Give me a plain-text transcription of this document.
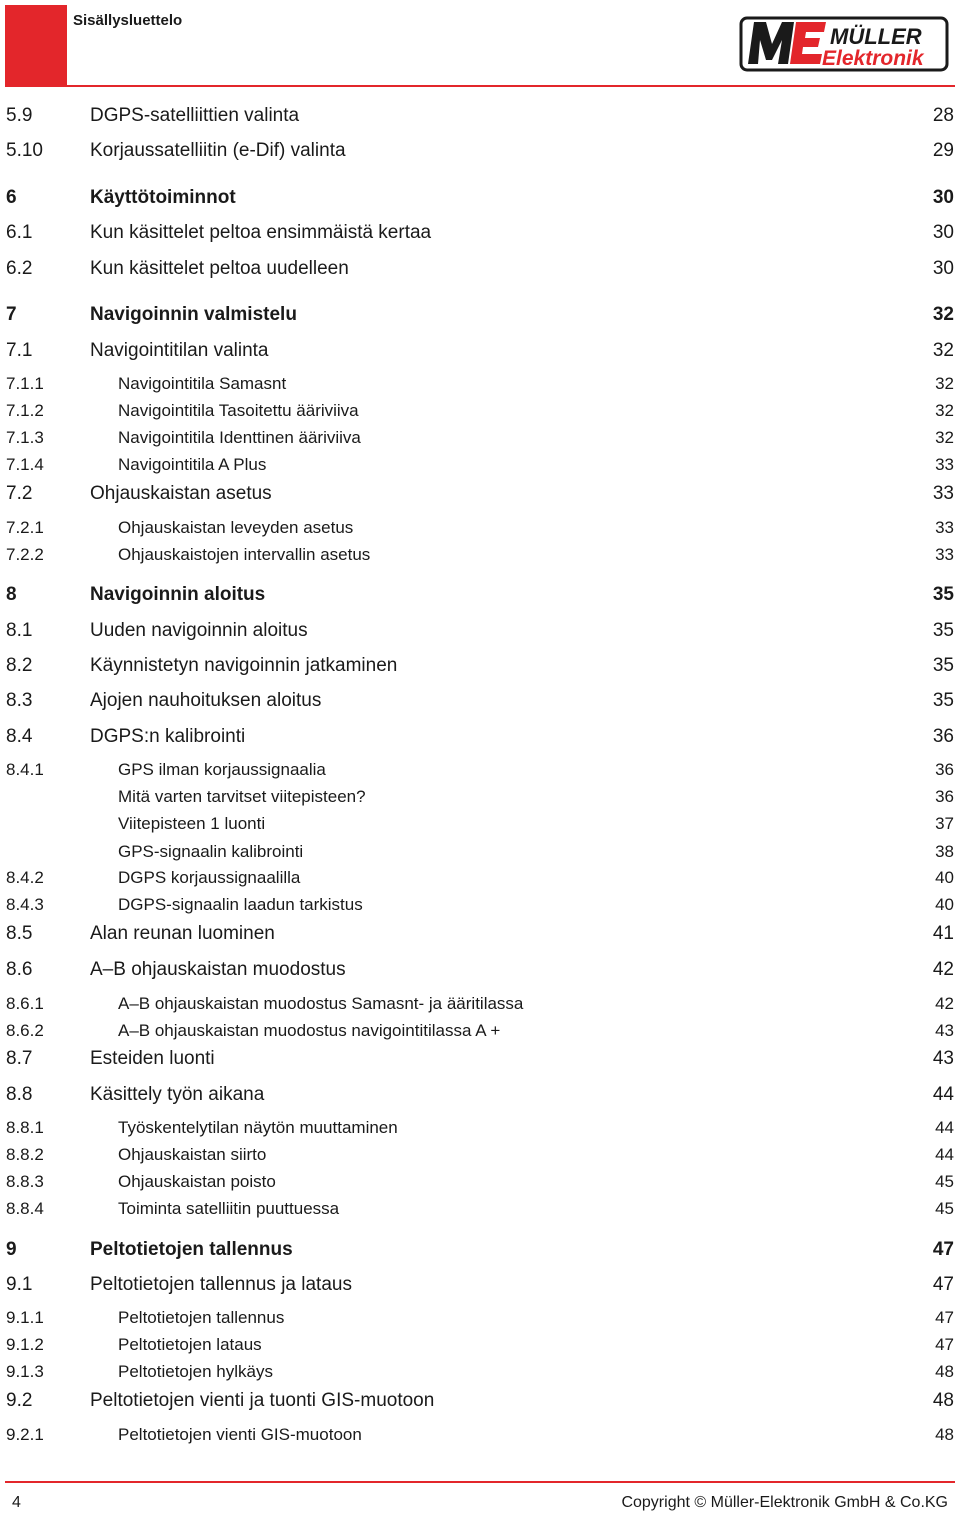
Sisällysluettelo
MÜLLER
Elektronik
5.9	DGPS-satelliittien valinta	28
5.10 Korjaussatelliitin (e-Dif) valinta	29
6	Käyttötoiminnot	30
6.1	Kun käsittelet peltoa ensimmäistä kertaa	30
6.2	Kun käsittelet peltoa uudelleen	30
7	Navigoinnin valmistelu	32
7.1	Navigointitilan valinta	32
7.1.1	Navigointitila Samasnt	32
7.1.2	Navigointitila Tasoitettu ääriviiva	32
7.1.3	Navigointitila Identtinen ääriviiva	32
7.1.4	Navigointitila A Plus	33
7.2	Ohjauskaistan asetus	33
7.2.1	Ohjauskaistan leveyden asetus	33
7.2.2	Ohjauskaistojen intervallin asetus	33
8	Navigoinnin aloitus	35
8.1	Uuden navigoinnin aloitus	35
8.2	Käynnistetyn navigoinnin jatkaminen	35
8.3	Ajojen nauhoituksen aloitus	35
8.4	DGPS:n kalibrointi	36
8.4.1	GPS ilman korjaussignaalia	36
Mitä varten tarvitset viitepisteen?	36
Viitepisteen 1 luonti	37
GPS-signaalin kalibrointi	38
8.4.2	DGPS korjaussignaalilla	40
8.4.3	DGPS-signaalin laadun tarkistus	40
8.5	Alan reunan luominen	41
8.6	A–B ohjauskaistan muodostus	42
8.6.1	A–B ohjauskaistan muodostus Samasnt- ja ääritilassa	42
8.6.2	A–B ohjauskaistan muodostus navigointitilassa A +	43
8.7	Esteiden luonti	43
8.8	Käsittely työn aikana	44
8.8.1	Työskentelytilan näytön muuttaminen	44
8.8.2	Ohjauskaistan siirto	44
8.8.3	Ohjauskaistan poisto	45
8.8.4	Toiminta satelliitin puuttuessa	45
9	Peltotietojen tallennus	47
9.1	Peltotietojen tallennus ja lataus	47
9.1.1	Peltotietojen tallennus	47
9.1.2	Peltotietojen lataus	47
9.1.3	Peltotietojen hylkäys	48
9.2	Peltotietojen vienti ja tuonti GIS-muotoon	48
9.2.1	Peltotietojen vienti GIS-muotoon	48
4	Copyright © Müller-Elektronik GmbH & Co.KG
